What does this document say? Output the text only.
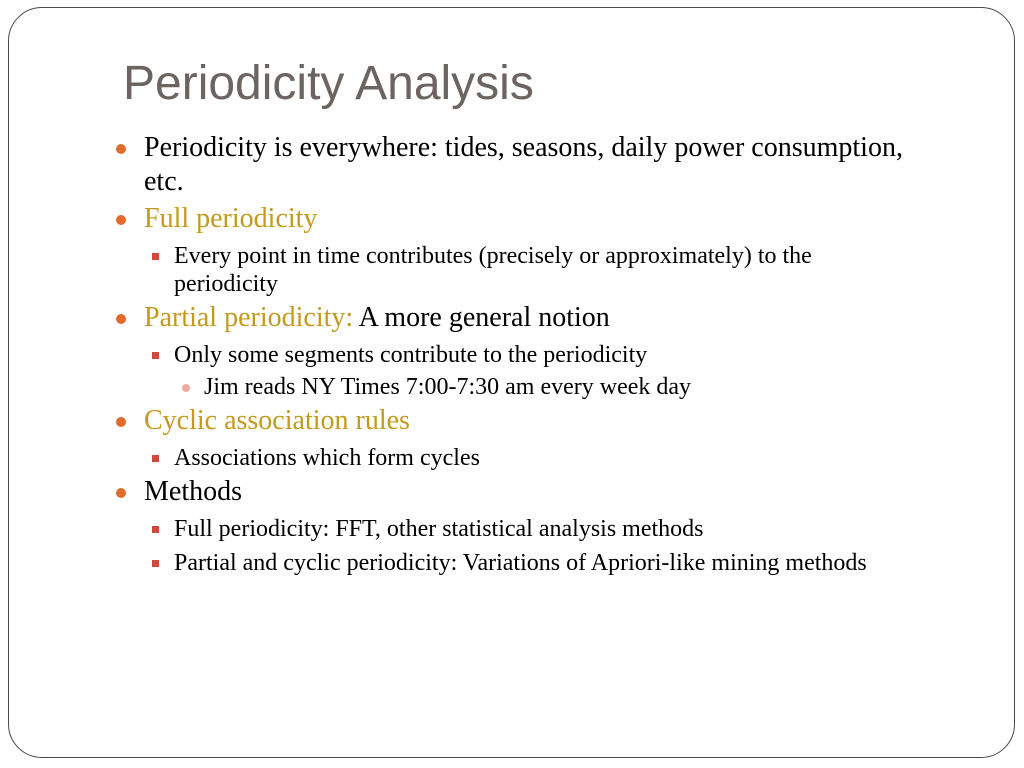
Periodicity Analysis
Periodicity is everywhere: tides, seasons, daily power consumption, etc.
Full periodicity
Every point in time contributes (precisely or approximately) to the periodicity
Partial periodicity: A more general notion
Only some segments contribute to the periodicity
Jim reads NY Times 7:00-7:30 am every week day
Cyclic association rules
Associations which form cycles
Methods
Full periodicity: FFT, other statistical analysis methods
Partial and cyclic periodicity: Variations of Apriori-like mining methods
